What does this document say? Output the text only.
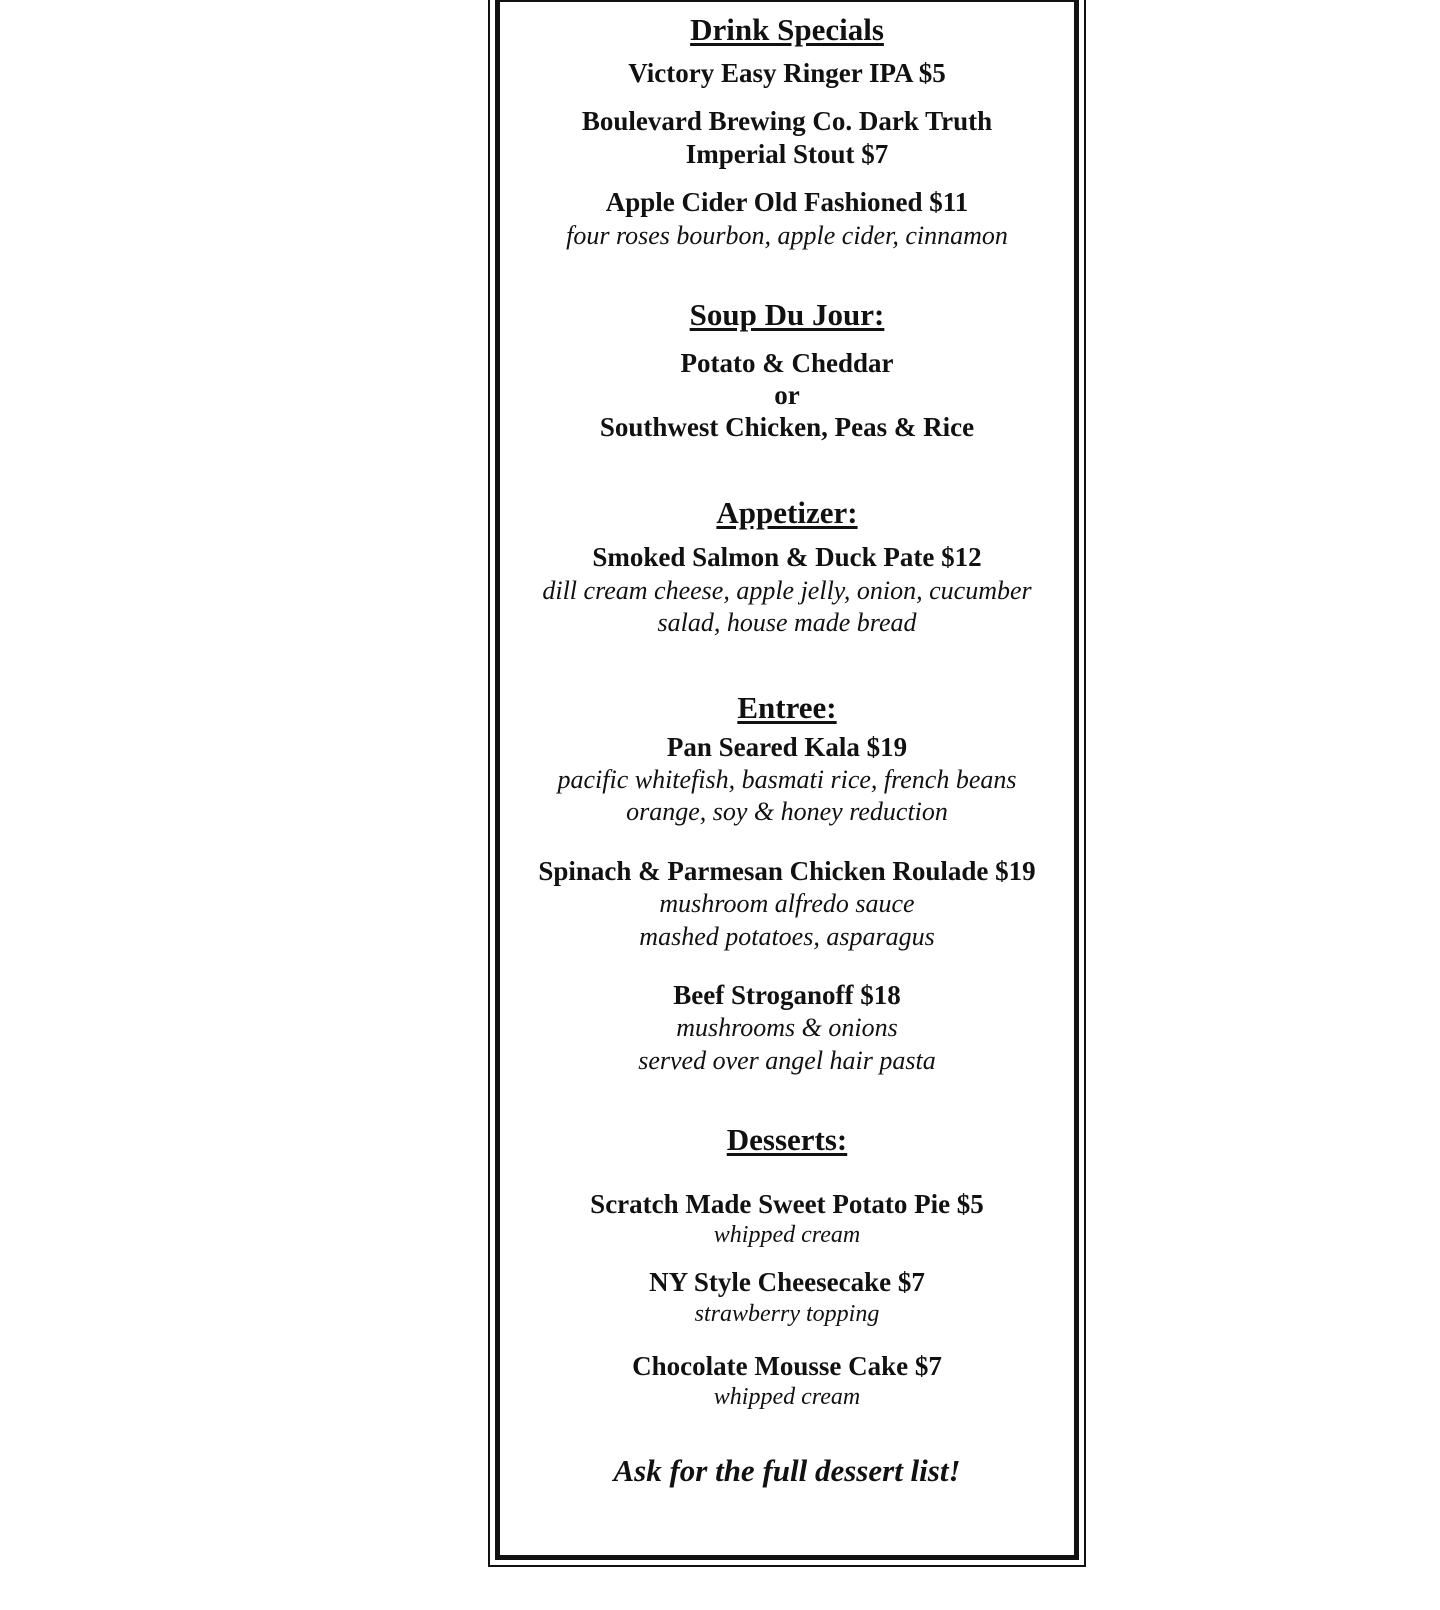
Drink Specials
Victory Easy Ringer IPA $5
Boulevard Brewing Co. Dark Truth
Imperial Stout $7
Apple Cider Old Fashioned $11
four roses bourbon, apple cider, cinnamon
Soup Du Jour:
Potato & Cheddar
or
Southwest Chicken, Peas & Rice
Appetizer:
Smoked Salmon & Duck Pate $12
dill cream cheese, apple jelly, onion, cucumber
salad, house made bread
Entree:
Pan Seared Kala $19
pacific whitefish, basmati rice, french beans
orange, soy & honey reduction
Spinach & Parmesan Chicken Roulade $19
mushroom alfredo sauce
mashed potatoes, asparagus
Beef Stroganoff $18
mushrooms & onions
served over angel hair pasta
Desserts:
Scratch Made Sweet Potato Pie $5
whipped cream
NY Style Cheesecake $7
strawberry topping
Chocolate Mousse Cake $7
whipped cream
Ask for the full dessert list!
